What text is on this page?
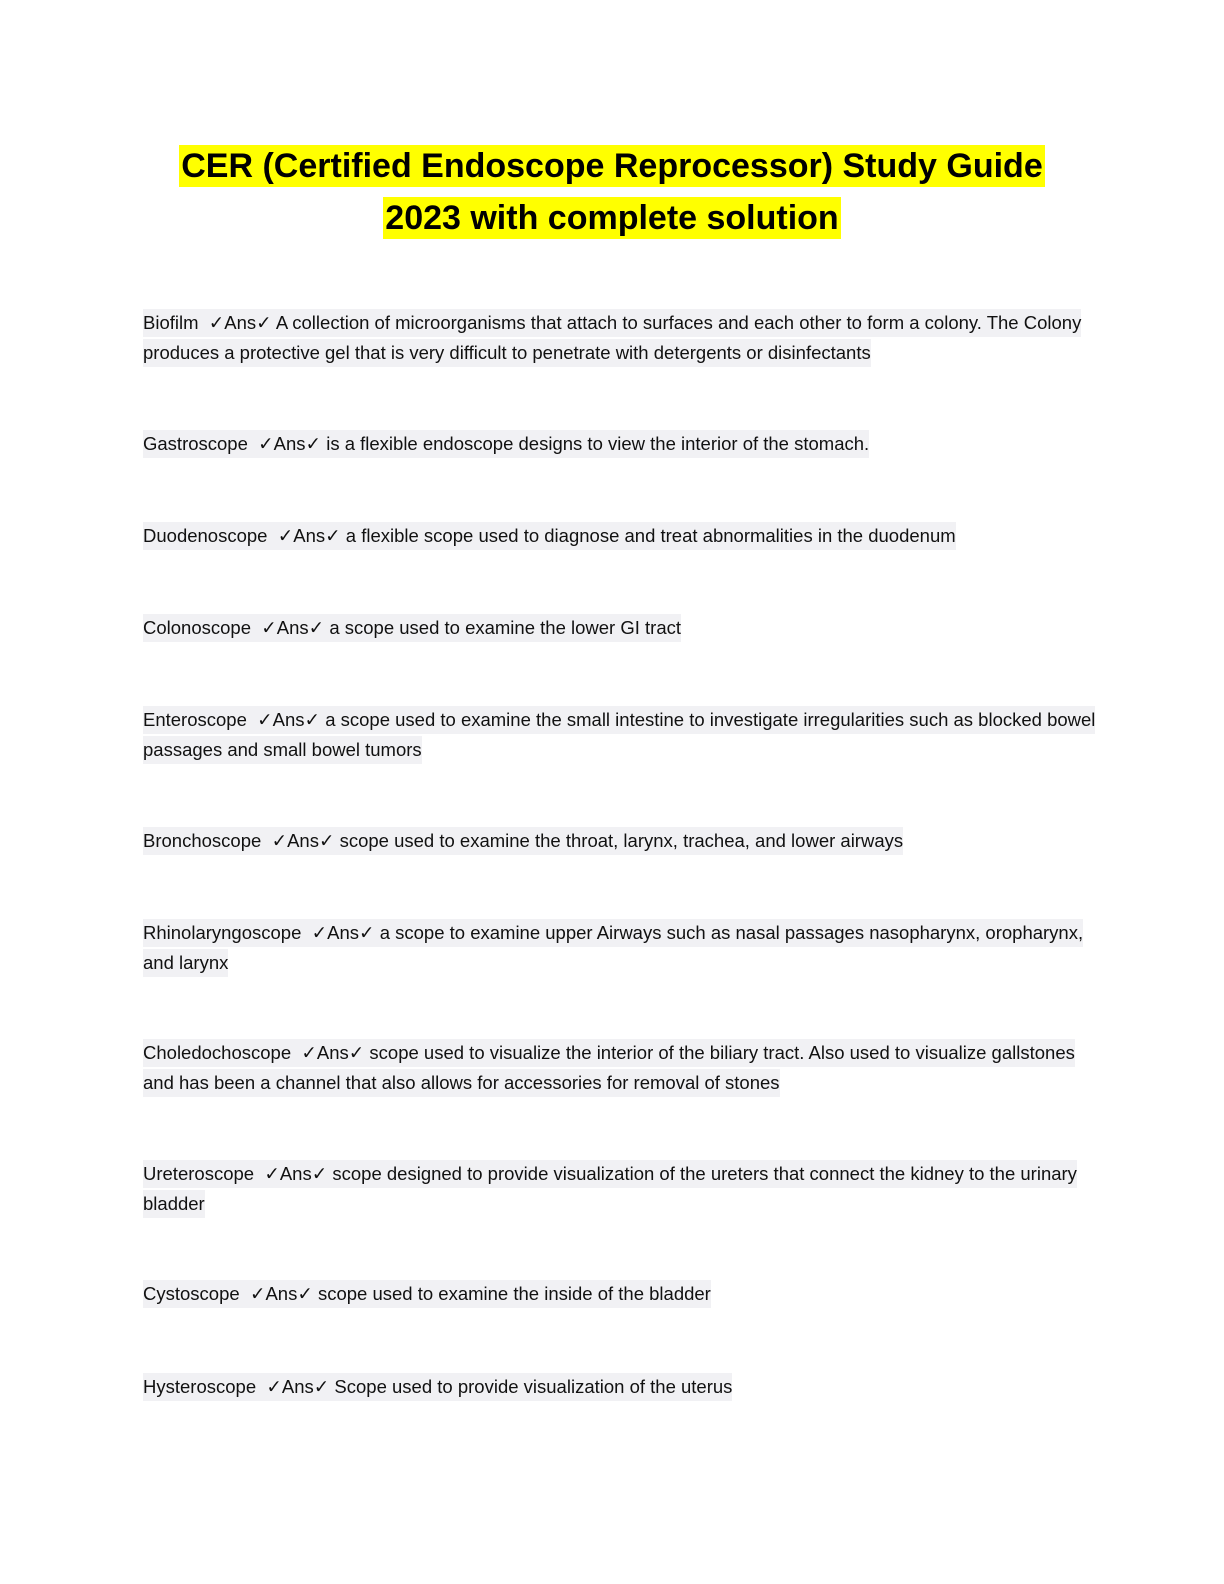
CER (Certified Endoscope Reprocessor) Study Guide
2023 with complete solution
Biofilm ✓Ans✓ A collection of microorganisms that attach to surfaces and each other to form a colony. The Colony produces a protective gel that is very difficult to penetrate with detergents or disinfectants
Gastroscope ✓Ans✓ is a flexible endoscope designs to view the interior of the stomach.
Duodenoscope ✓Ans✓ a flexible scope used to diagnose and treat abnormalities in the duodenum
Colonoscope ✓Ans✓ a scope used to examine the lower GI tract
Enteroscope ✓Ans✓ a scope used to examine the small intestine to investigate irregularities such as blocked bowel passages and small bowel tumors
Bronchoscope ✓Ans✓ scope used to examine the throat, larynx, trachea, and lower airways
Rhinolaryngoscope ✓Ans✓ a scope to examine upper Airways such as nasal passages nasopharynx, oropharynx, and larynx
Choledochoscope ✓Ans✓ scope used to visualize the interior of the biliary tract. Also used to visualize gallstones and has been a channel that also allows for accessories for removal of stones
Ureteroscope ✓Ans✓ scope designed to provide visualization of the ureters that connect the kidney to the urinary bladder
Cystoscope ✓Ans✓ scope used to examine the inside of the bladder
Hysteroscope ✓Ans✓ Scope used to provide visualization of the uterus
